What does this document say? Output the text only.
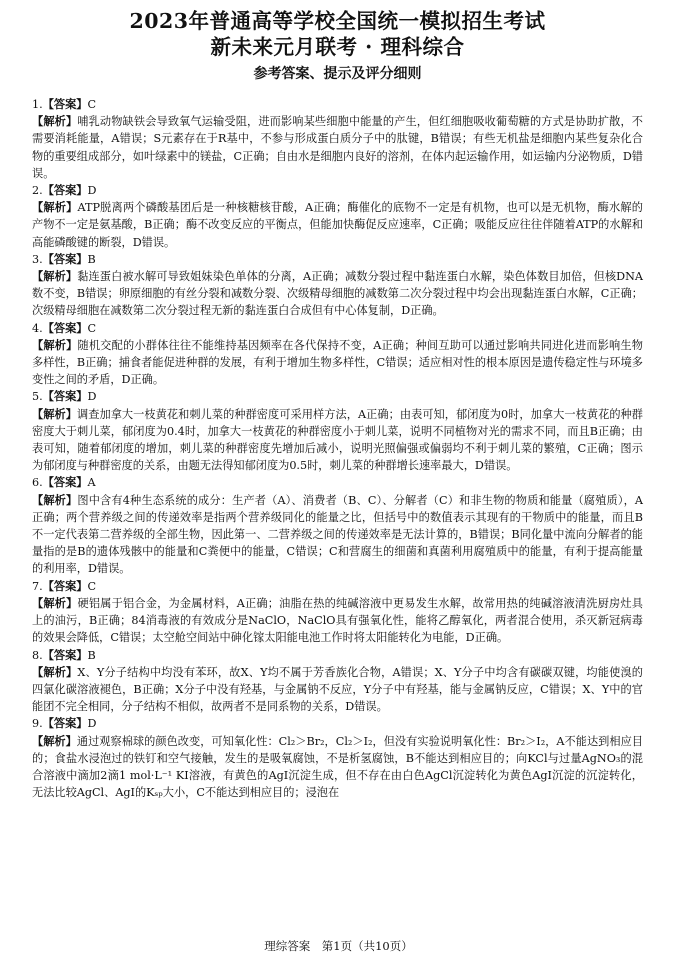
2023年普通高等学校全国统一模拟招生考试

新未来元月联考 · 理科综合

参考答案、提示及评分细则

1.【答案】C

【解析】哺乳动物缺铁会导致氧气运输受阻，进而影响某些细胞中能量的产生，但红细胞吸收葡萄糖的方式是协助扩散，不需要消耗能量，A错误；S元素存在于R基中，不参与形成蛋白质分子中的肽键，B错误；有些无机盐是细胞内某些复杂化合物的重要组成部分，如叶绿素中的镁盐，C正确；自由水是细胞内良好的溶剂，在体内起运输作用，如运输内分泌物质，D错误。

2.【答案】D

【解析】ATP脱离两个磷酸基团后是一种核糖核苷酸，A正确；酶催化的底物不一定是有机物，也可以是无机物，酶水解的产物不一定是氨基酸，B正确；酶不改变反应的平衡点，但能加快酶促反应速率，C正确；吸能反应往往伴随着ATP的水解和高能磷酸键的断裂，D错误。

3.【答案】B

【解析】黏连蛋白被水解可导致姐妹染色单体的分离，A正确；减数分裂过程中黏连蛋白水解，染色体数目加倍，但核DNA数不变，B错误；卵原细胞的有丝分裂和减数分裂、次级精母细胞的减数第二次分裂过程中均会出现黏连蛋白水解，C正确；次级精母细胞在减数第二次分裂过程无新的黏连蛋白合成但有中心体复制，D正确。

4.【答案】C

【解析】随机交配的小群体往往不能维持基因频率在各代保持不变，A正确；种间互助可以通过影响共同进化进而影响生物多样性，B正确；捕食者能促进种群的发展，有利于增加生物多样性，C错误；适应相对性的根本原因是遗传稳定性与环境多变性之间的矛盾，D正确。

5.【答案】D

【解析】调查加拿大一枝黄花和刺儿菜的种群密度可采用样方法，A正确；由表可知，郁闭度为0时，加拿大一枝黄花的种群密度大于刺儿菜，郁闭度为0.4时，加拿大一枝黄花的种群密度小于刺儿菜，说明不同植物对光的需求不同，而且B正确；由表可知，随着郁闭度的增加，刺儿菜的种群密度先增加后减小，说明光照偏强或偏弱均不利于刺儿菜的繁殖，C正确；图示为郁闭度与种群密度的关系，由题无法得知郁闭度为0.5时，刺儿菜的种群增长速率最大，D错误。

6.【答案】A

【解析】图中含有4种生态系统的成分：生产者（A）、消费者（B、C）、分解者（C）和非生物的物质和能量（腐殖质），A正确；两个营养级之间的传递效率是指两个营养级同化的能量之比，但括号中的数值表示其现有的干物质中的能量，而且B不一定代表第二营养级的全部生物，因此第一、二营养级之间的传递效率是无法计算的，B错误；B同化量中流向分解者的能量指的是B的遗体残骸中的能量和C粪便中的能量，C错误；C和营腐生的细菌和真菌利用腐殖质中的能量，有利于提高能量的利用率，D错误。

7.【答案】C

【解析】硬铝属于铝合金，为金属材料，A正确；油脂在热的纯碱溶液中更易发生水解，故常用热的纯碱溶液清洗厨房灶具上的油污，B正确；84消毒液的有效成分是NaClO，NaClO具有强氧化性，能将乙醇氧化，两者混合使用，杀灭新冠病毒的效果会降低，C错误；太空舱空间站中砷化镓太阳能电池工作时将太阳能转化为电能，D正确。

8.【答案】B

【解析】X、Y分子结构中均没有苯环，故X、Y均不属于芳香族化合物，A错误；X、Y分子中均含有碳碳双键，均能使溴的四氯化碳溶液褪色，B正确；X分子中没有羟基，与金属钠不反应，Y分子中有羟基，能与金属钠反应，C错误；X、Y中的官能团不完全相同，分子结构不相似，故两者不是同系物的关系，D错误。

9.【答案】D

【解析】通过观察棉球的颜色改变，可知氧化性：Cl₂＞Br₂，Cl₂＞I₂，但没有实验说明氧化性：Br₂＞I₂，A不能达到相应目的；食盐水浸泡过的铁钉和空气接触，发生的是吸氧腐蚀，不是析氢腐蚀，B不能达到相应目的；向KCl与过量AgNO₃的混合溶液中滴加2滴1 mol·L⁻¹ KI溶液，有黄色的AgI沉淀生成，但不存在由白色AgCl沉淀转化为黄色AgI沉淀的沉淀转化，无法比较AgCl、AgI的Kₛₚ大小，C不能达到相应目的；浸泡在

理综答案　第1页（共10页）
